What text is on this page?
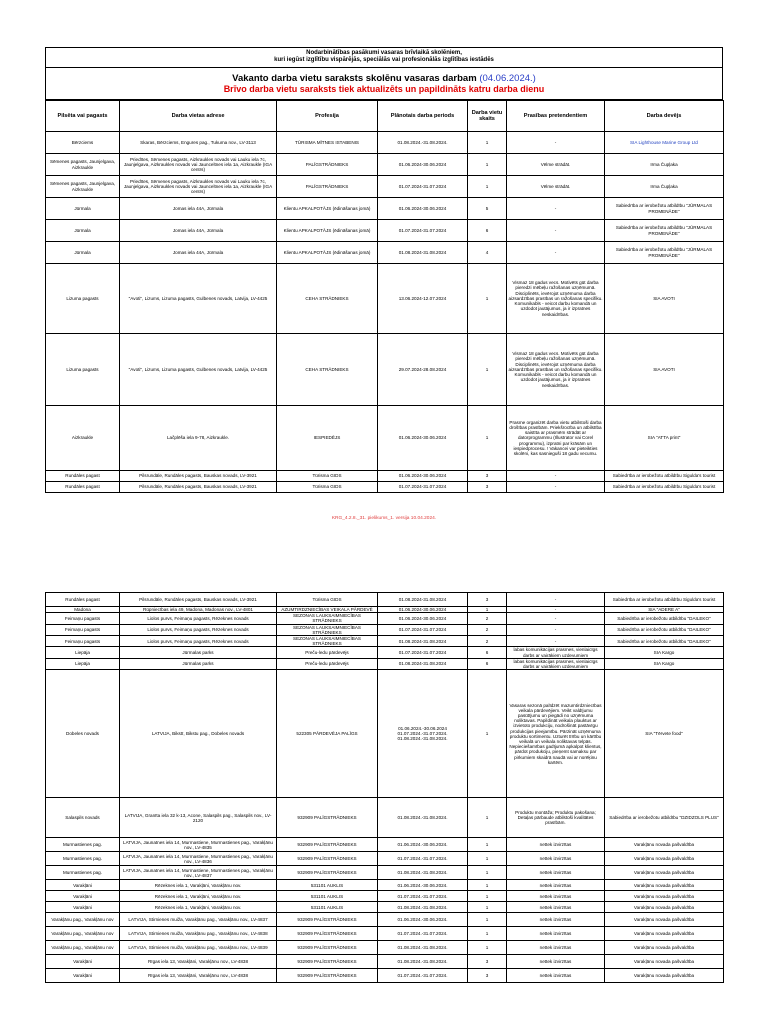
Nodarbinātības pasākumi vasaras brīvlaikā skolēniem,
kuri iegūst izglītību vispārējās, speciālās vai profesionālās izglītības iestādēs
Vakanto darba vietu saraksts skolēnu vasaras darbam (04.06.2024.)
Brīvo darba vietu saraksts tiek aktualizēts un papildināts katru darba dienu
Pilsēta vai pagasts	Darba vietas adrese	Profesija	Plānotais darba periods	Darba vietu skaits	Prasības pretendentiem	Darba devējs
Bērzciems	Skaras, Bērzciems, Engures pag., Tukuma nov., LV-3113	TŪRISMA MĪTNES ISTABENIS	01.08.2024.-31.08.2024.	1	-	SIA Lighthouse Marine Group Ltd
Sēmenes pagasts, Jaunjelgava, Aizkraukle	Priedītes, Sēmenes pagasts, Aizkraukles novads vai Lauku iela 7c, Jaunjelgava, Aizkraukles novads vai Jaunceltnes iela 1a, Aizkraukle (IGA centrs)	PALĪGSTRĀDNIEKS	01.06.2024-30.06.2024	1	Vēlme strādāt.	Irma Čupļaka
Sēmenes pagasts, Jaunjelgava, Aizkraukle	Priedītes, Sēmenes pagasts, Aizkraukles novads vai Lauku iela 7c, Jaunjelgava, Aizkraukles novads vai Jaunceltnes iela 1a, Aizkraukle (IGA centrs)	PALĪGSTRĀDNIEKS	01.07.2024-31.07.2024	1	Vēlme strādāt.	Irma Čupļaka
Jūrmala	Jomas iela 44A, Jūrmala	Klientu APKALPOTĀJS (ēdināšanas jomā)	01.06.2024-30.06.2024	5	-	Sabiedrība ar ierobežotu atbildību "JŪRMALAS PROMENĀDE"
Jūrmala	Jomas iela 44A, Jūrmala	Klientu APKALPOTĀJS (ēdināšanas jomā)	01.07.2024-31.07.2024	6	-	Sabiedrība ar ierobežotu atbildību "JŪRMALAS PROMENĀDE"
Jūrmala	Jomas iela 44A, Jūrmala	Klientu APKALPOTĀJS (ēdināšanas jomā)	01.08.2024-31.08.2024	4	-	Sabiedrība ar ierobežotu atbildību "JŪRMALAS PROMENĀDE"
Lizuma pagasts	"Avoti", Lizums, Lizuma pagasts, Gulbenes novads, Latvija, LV-4425	CEHA STRĀDNIEKS	13.06.2024-12.07.2024	1	Vismaz 18 gadus vecs. Motivēts gūt darba pieredzi mēbeļu ražošanas uzņēmumā. Disciplinēts, ievērojot uzņēmuma darba aizsardzības prasības un ražošanas specifiku. Komunikabls - veicot darbu komandā un uzdodot jautājumus, ja ir izpratnes neskaidrības.	SIA AVOTI
Lizuma pagasts	"Avoti", Lizums, Lizuma pagasts, Gulbenes novads, Latvija, LV-4425	CEHA STRĀDNIEKS	29.07.2024-28.08.2024	1	Vismaz 18 gadus vecs. Motivēts gūt darba pieredzi mēbeļu ražošanas uzņēmumā. Disciplinēts, ievērojot uzņēmuma darba aizsardzības prasības un ražošanas specifiku. Komunikabls - veicot darbu komandā un uzdodot jautājumus, ja ir izpratnes neskaidrības.	SIA AVOTI
Aizkraukle	Lačplēša iela 9-78, Aizkraukle.	IESPIEDĒJS	01.06.2024-30.06.2024	1	Prasme organizēt darba vietu atbilstoši darba drošības prasībām. Priekšrocība un atbilstība saistīta ar prasmēm strādāt ar datorprogrammu (Illustrator vai Corel programmu), izpratni par krāsām un iespiedprocesu. ! Vakancei var pieteikties skolēni, kas sasnieguši 18 gadu vecumu.	SIA "ATTA print"
Rundāles pagast	Pilsrundāle, Rundāles pagasts, Bauskas novads, LV-3921	Tūrisma GIDS	01.06.2024-30.06.2024	3	-	Sabiedrība ar ierobežotu atbildību Sigulda's tourist
Rundāles pagast	Pilsrundāle, Rundāles pagasts, Bauskas novads, LV-3921	Tūrisma GIDS	01.07.2024-31.07.2024	3	-	Sabiedrība ar ierobežotu atbildību Sigulda's tourist
KRG_4.2.8._31. pielikums_1. versija 10.04.2024.
Rundāles pagast	Pilsrundāle, Rundāles pagasts, Bauskas novads, LV-3921	Tūrisma GIDS	01.08.2024-31.08.2024	3	-	Sabiedrība ar ierobežotu atbildību Sigulda's tourist
Madona	Rūpniecības iela 49, Madona, Madonas nov., LV-4801	AZUMTIRDZNIECĪBAS VEIKALA PĀRDEVĒ	01.06.2024-30.06.2024	1	-	SIA "ADERE A"
Feimaņu pagasts	Liolos purvs, Feimaņu pagasts, Rēzeknes novads	SEZONAS LAUKSAIMNIECĪBAS STRĀDNIEKS	01.06.2024-30.06.2024	2	-	Sabiedrība ar ierobežotu atbildību "DAILEKO"
Feimaņu pagasts	Liolos purvs, Feimaņu pagasts, Rēzeknes novads	SEZONAS LAUKSAIMNIECĪBAS STRĀDNIEKS	01.07.2024-31.07.2024	2	-	Sabiedrība ar ierobežotu atbildību "DAILEKO"
Feimaņu pagasts	Liolos purvs, Feimaņu pagasts, Rēzeknes novads	SEZONAS LAUKSAIMNIECĪBAS STRĀDNIEKS	01.08.2024-31.08.2024	2	-	Sabiedrība ar ierobežotu atbildību "DAILEKO"
Liepāja	Jūrmalas parks	Preču-ledu pārdevējs	01.07.2024-31.07.2024	6	labas komunikācijas prasmes, vienlaicīgs darbs ar vairākiem uzdevumiem	SIA Kargo
Liepāja	Jūrmalas parks	Preču-ledu pārdevējs	01.08.2024-31.08.2024	6	labas komunikācijas prasmes, vienlaicīgs darbs ar vairākiem uzdevumiem	SIA Kargo
Dobeles novads	LATVIJA, Bikstī, Bikstu pag., Dobeles novads	522305 PĀRDEVĒJA PALĪGS	01.06.2024.-30.06.2024 01.07.2024.-31.07.2024. 01.08.2024.-31.08.2024.	1	Vasaras sezonā palīdzēt mazumtirdzniecības veikala pārdevējiem. Veikt valdījumu pasūtījumu un piegādi no uzņēmuma noliktavas. Papildināt veikala plauktus ar izvietoto produkciju, nodrošināt pastāvīgu produkcijas pieejamību. Pārzināt uzņēmuma produktu sortimentu. Uzturēt tīrību un kārtību veikalā un veikala noliktavas telpās. Nepieciešamības gadījumā apkalpot klientus, pārdot produkciju, pieņemt samaksu par pirkumiem skaidrā naudā vai ar norēķinu kartēm.	SIA "Tērvete food"
Salaspils novads	LATVIJA, Granīta iela 32 k-13, Acone, Salaspils pag., Salaspils nov., LV-2120	932909 PALĪGSTRĀDNIEKS	01.08.2024.-31.08.2024.	1	Produktu montāža; Produktu pakošana; Detaļas pārbaude atbilstoši kvalitātes prasībām.	Sabiedrība ar ierobežotu atbildību "DZIDZOLS PLUS"
Murmastienes pag.	LATVIJA, Jaunatnes iela 14, Murmastiene, Murmastienes pag., Varakļānu nov., LV-4835	932909 PALĪGSTRĀDNIEKS	01.06.2024.-30.06.2024.	1	nettek izvirzītas	Varakļānu novada pašvaldība
Murmastienes pag.	LATVIJA, Jaunatnes iela 14, Murmastiene, Murmastienes pag., Varakļānu nov., LV-4836	932909 PALĪGSTRĀDNIEKS	01.07.2024.-31.07.2024.	1	nettek izvirzītas	Varakļānu novada pašvaldība
Murmastienes pag.	LATVIJA, Jaunatnes iela 14, Murmastiene, Murmastienes pag., Varakļānu nov., LV-4837	932909 PALĪGSTRĀDNIEKS	01.08.2024.-31.08.2024.	1	nettek izvirzītas	Varakļānu novada pašvaldība
Varakļāni	Rēzeknes iela 1, Varakļāni, Varakļānu nov.	531101 AUKLIS	01.06.2024.-30.06.2024.	1	nettek izvirzītas	Varakļānu novada pašvaldība
Varakļāni	Rēzeknes iela 1, Varakļāni, Varakļānu nov.	531101 AUKLIS	01.07.2024.-31.07.2024.	1	nettek izvirzītas	Varakļānu novada pašvaldība
Varakļāni	Rēzeknes iela 1, Varakļāni, Varakļānu nov.	531101 AUKLIS	01.08.2024.-31.08.2024.	1	nettek izvirzītas	Varakļānu novada pašvaldība
Varakļānu pag., Varakļānu nov	LATVIJA, Stirnienes muiža, Varakļānu pag., Varakļānu nov., LV-4837	932909 PALĪGSTRĀDNIEKS	01.06.2024.-30.06.2024.	1	nettek izvirzītas	Varakļānu novada pašvaldība
Varakļānu pag., Varakļānu nov	LATVIJA, Stirnienes muiža, Varakļānu pag., Varakļānu nov., LV-4838	932909 PALĪGSTRĀDNIEKS	01.07.2024.-31.07.2024.	1	nettek izvirzītas	Varakļānu novada pašvaldība
Varakļānu pag., Varakļānu nov	LATVIJA, Stirnienes muiža, Varakļānu pag., Varakļānu nov., LV-4839	932909 PALĪGSTRĀDNIEKS	01.08.2024.-31.08.2024.	1	nettek izvirzītas	Varakļānu novada pašvaldība
Varakļāni	Rīgas iela 13, Varakļāni, Varakļānu nov., LV-4838	932909 PALĪGSTRĀDNIEKS	01.08.2024.-31.08.2024.	3	nettek izvirzītas	Varakļānu novada pašvaldība
Varakļāni	Rīgas iela 13, Varakļāni, Varakļānu nov., LV-4838	932909 PALĪGSTRĀDNIEKS	01.07.2024.-31.07.2024.	3	nettek izvirzītas	Varakļānu novada pašvaldība
